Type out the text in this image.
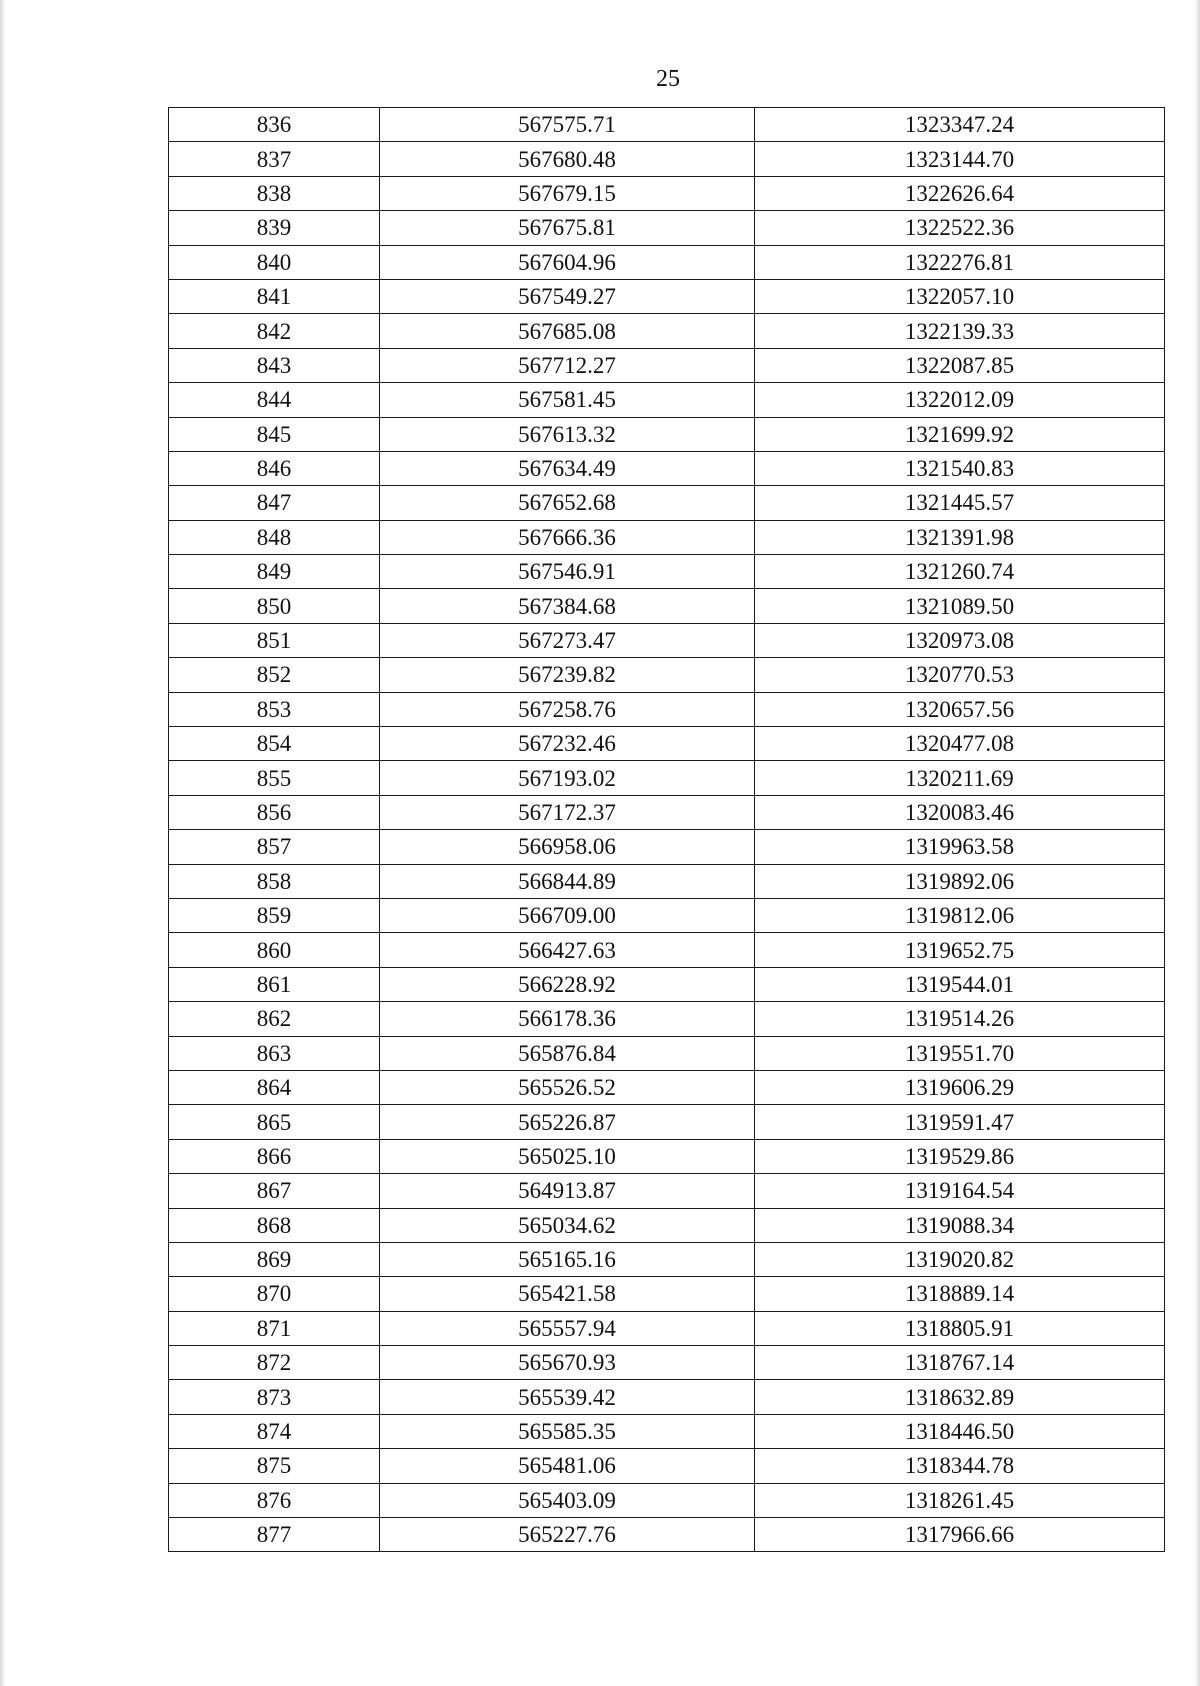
25
836	567575.71	1323347.24
837	567680.48	1323144.70
838	567679.15	1322626.64
839	567675.81	1322522.36
840	567604.96	1322276.81
841	567549.27	1322057.10
842	567685.08	1322139.33
843	567712.27	1322087.85
844	567581.45	1322012.09
845	567613.32	1321699.92
846	567634.49	1321540.83
847	567652.68	1321445.57
848	567666.36	1321391.98
849	567546.91	1321260.74
850	567384.68	1321089.50
851	567273.47	1320973.08
852	567239.82	1320770.53
853	567258.76	1320657.56
854	567232.46	1320477.08
855	567193.02	1320211.69
856	567172.37	1320083.46
857	566958.06	1319963.58
858	566844.89	1319892.06
859	566709.00	1319812.06
860	566427.63	1319652.75
861	566228.92	1319544.01
862	566178.36	1319514.26
863	565876.84	1319551.70
864	565526.52	1319606.29
865	565226.87	1319591.47
866	565025.10	1319529.86
867	564913.87	1319164.54
868	565034.62	1319088.34
869	565165.16	1319020.82
870	565421.58	1318889.14
871	565557.94	1318805.91
872	565670.93	1318767.14
873	565539.42	1318632.89
874	565585.35	1318446.50
875	565481.06	1318344.78
876	565403.09	1318261.45
877	565227.76	1317966.66
